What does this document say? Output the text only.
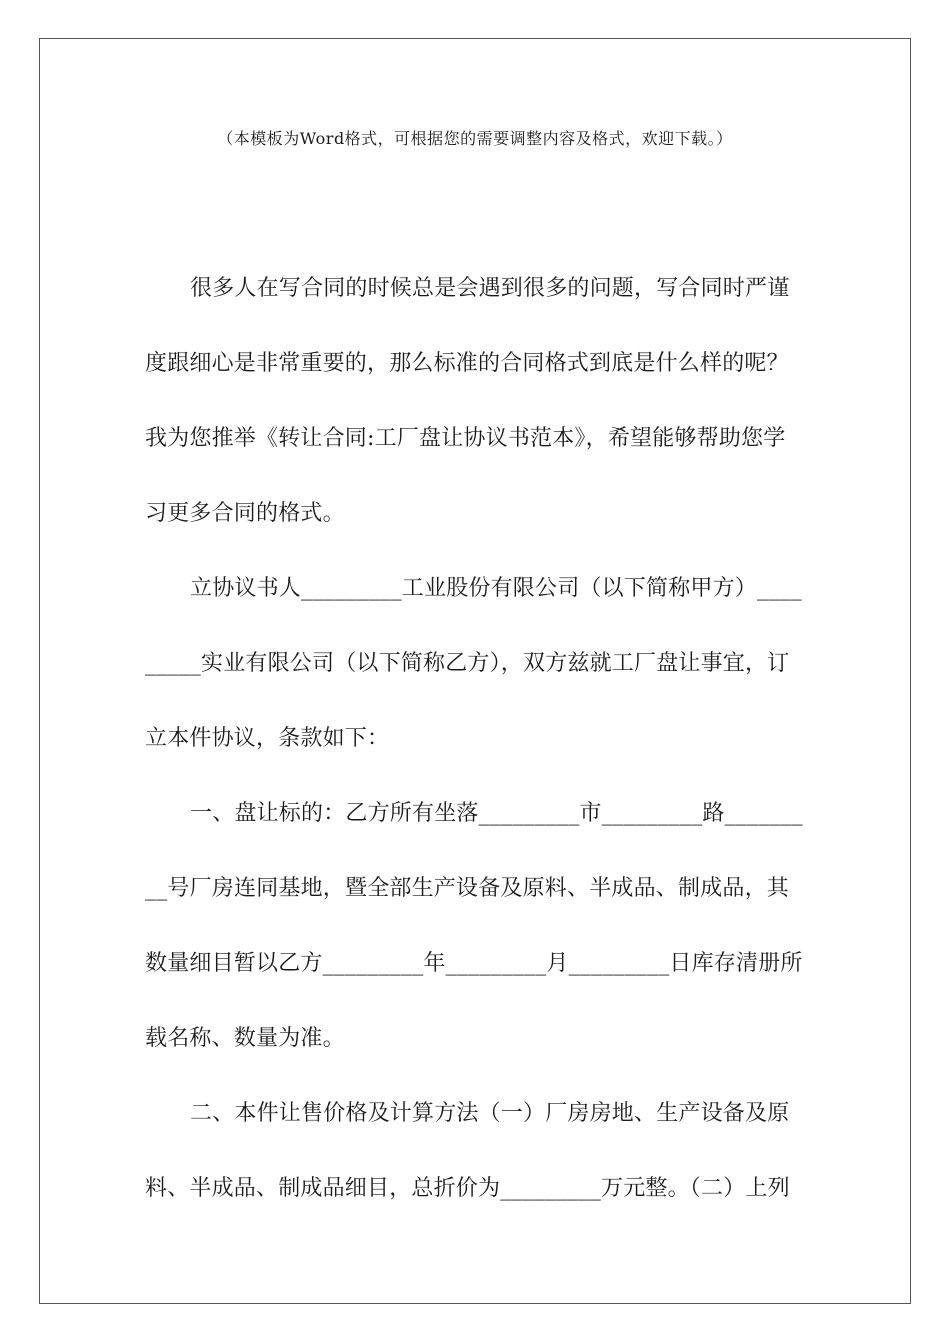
（本模板为Word格式，可根据您的需要调整内容及格式，欢迎下载。）
很多人在写合同的时候总是会遇到很多的问题，写合同时严谨
度跟细心是非常重要的，那么标准的合同格式到底是什么样的呢？
我为您推举《转让合同:工厂盘让协议书范本》，希望能够帮助您学
习更多合同的格式。
立协议书人_________工业股份有限公司（以下简称甲方）____
_____实业有限公司（以下简称乙方），双方兹就工厂盘让事宜，订
立本件协议，条款如下：
一、盘让标的：乙方所有坐落_________市_________路_______
__号厂房连同基地，暨全部生产设备及原料、半成品、制成品，其
数量细目暂以乙方_________年_________月_________日库存清册所
载名称、数量为准。
二、本件让售价格及计算方法（一）厂房房地、生产设备及原
料、半成品、制成品细目，总折价为_________万元整。（二）上列
